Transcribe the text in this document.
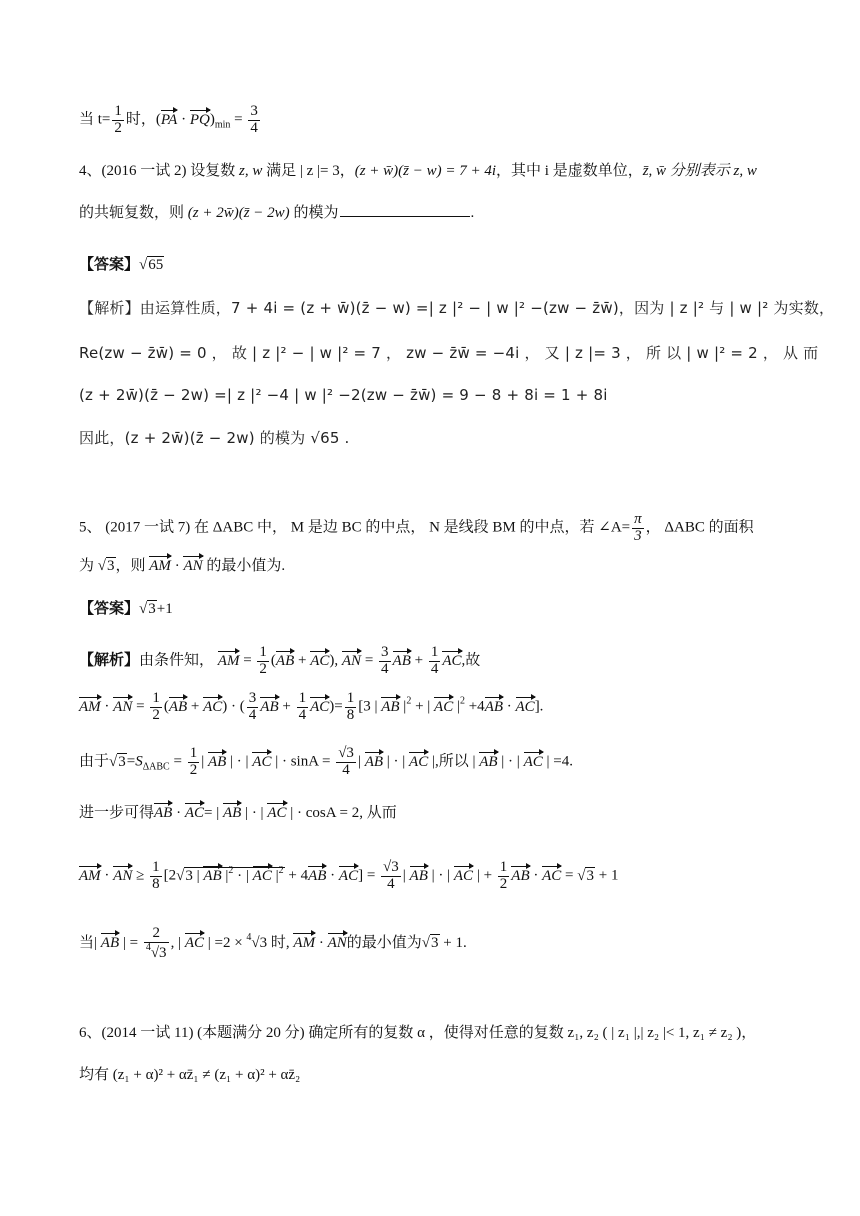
当 $t= \frac{1}{2}$ 时，$(PA \cdot PQ)_{min} = \frac{3}{4}$
4、(2016 一试 2) 设复数 z, w 满足 | z |= 3，(z + w̄)(z̄ − w) = 7 + 4i，其中 i 是虚数单位，z̄, w̄ 分别表示 z, w
的共轭复数，则 (z + 2w̄)(z̄ − 2w) 的模为	.
【答案】√65
【解析】由运算性质，7 + 4i = (z + w̄)(z̄ − w) =| z |² − | w |² −(zw − z̄w̄)，因为 | z |² 与 | w |² 为实数，
Re(zw − z̄w̄) = 0 ， 故 | z |² − | w |² = 7 ， zw − z̄w̄ = −4i ， 又 | z |= 3 ， 所 以 | w |² = 2 ， 从 而
(z + 2w̄)(z̄ − 2w) =| z |² −4 | w |² −2(zw − z̄w̄) = 9 − 8 + 8i = 1 + 8i
因此，(z + 2w̄)(z̄ − 2w) 的模为 √65 .
5、 (2017 一试 7) 在 ΔABC 中， M 是边 BC 的中点， N 是线段 BM 的中点，若 ∠A= $\frac{\pi}{3}$ ， ΔABC 的面积
为 √3，则 AM · AN 的最小值为.
【答案】√3+1
【解析】由条件知， AM = $\frac{1}{2} (AB + AC)$, AN = $\frac{3}{4}$ AB + $\frac{1}{4}$ AC,故
AM · AN = $\frac{1}{2} (AB + AC)$ · ( $\frac{3}{4}$ AB + $\frac{1}{4} AC)= \frac{1}{8} [3$ | AB $|^2$ + | AC $|^2 +4AB \cdot AC$].
由于$√3=S_{\Delta ABC} = \frac{1}{2}$ | AB | · | AC | · $\sin A = \frac{√3}{4}$ | AB | · | AC |,所以 | AB | · | AC | =4.
进一步可得AB · AC= | AB | · | AC | · cosA = 2, 从而
AM · AN ≥ $\frac{1}{8} [2√3$ | AB $|^2$ · | AC $|^2 + 4AB \cdot AC] = \frac{√3}{4}$ | AB | · | AC | + $\frac{1}{2}$ AB · AC = √3 + 1
当| AB | = $\frac{2}{^4√3}$ , | AC | =2 × $^4$√3 时, AM · AN的最小值为√3 + 1.
6、(2014 一试 11) (本题满分 20 分) 确定所有的复数 α ，使得对任意的复数 z₁, z₂ ( | z₁ |,| z₂ |< 1, z₁ ≠ z₂ )，
均有 (z₁ + α)² + αz̄₁ ≠ (z₁ + α)² + αz̄₂
